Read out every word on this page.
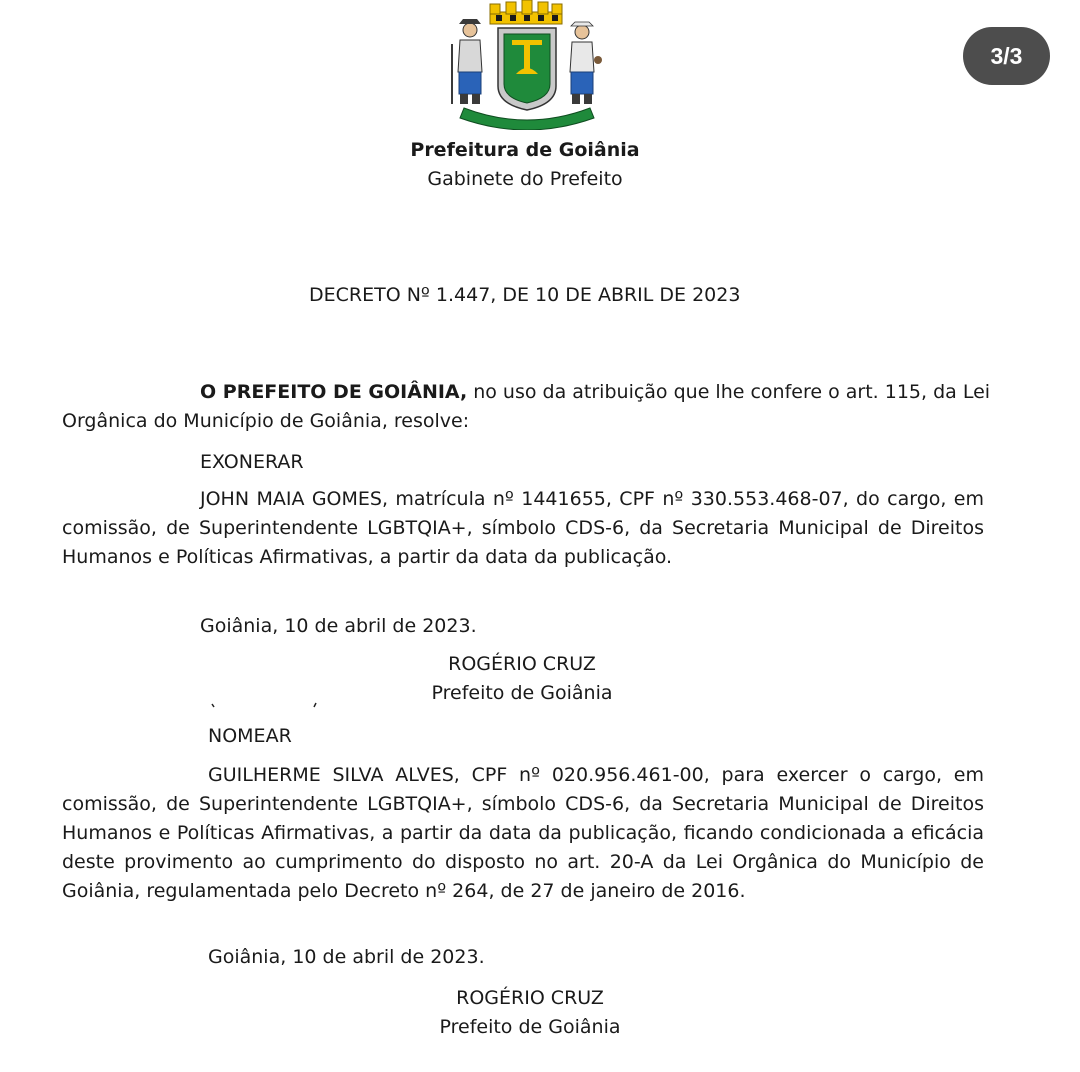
3/3
Prefeitura de Goiânia
Gabinete do Prefeito
DECRETO Nº 1.447, DE 10 DE ABRIL DE 2023
O PREFEITO DE GOIÂNIA, no uso da atribuição que lhe confere o art. 115, da Lei
Orgânica do Município de Goiânia, resolve:
EXONERAR
JOHN MAIA GOMES, matrícula nº 1441655, CPF nº 330.553.468-07, do cargo, em
comissão, de Superintendente LGBTQIA+, símbolo CDS-6, da Secretaria Municipal de Direitos
Humanos e Políticas Afirmativas, a partir da data da publicação.
Goiânia, 10 de abril de 2023.
ROGÉRIO CRUZ
Prefeito de Goiânia
NOMEAR
GUILHERME SILVA ALVES, CPF nº 020.956.461-00, para exercer o cargo, em
comissão, de Superintendente LGBTQIA+, símbolo CDS-6, da Secretaria Municipal de Direitos
Humanos e Políticas Afirmativas, a partir da data da publicação, ficando condicionada a eficácia
deste provimento ao cumprimento do disposto no art. 20-A da Lei Orgânica do Município de
Goiânia, regulamentada pelo Decreto nº 264, de 27 de janeiro de 2016.
Goiânia, 10 de abril de 2023.
ROGÉRIO CRUZ
Prefeito de Goiânia
